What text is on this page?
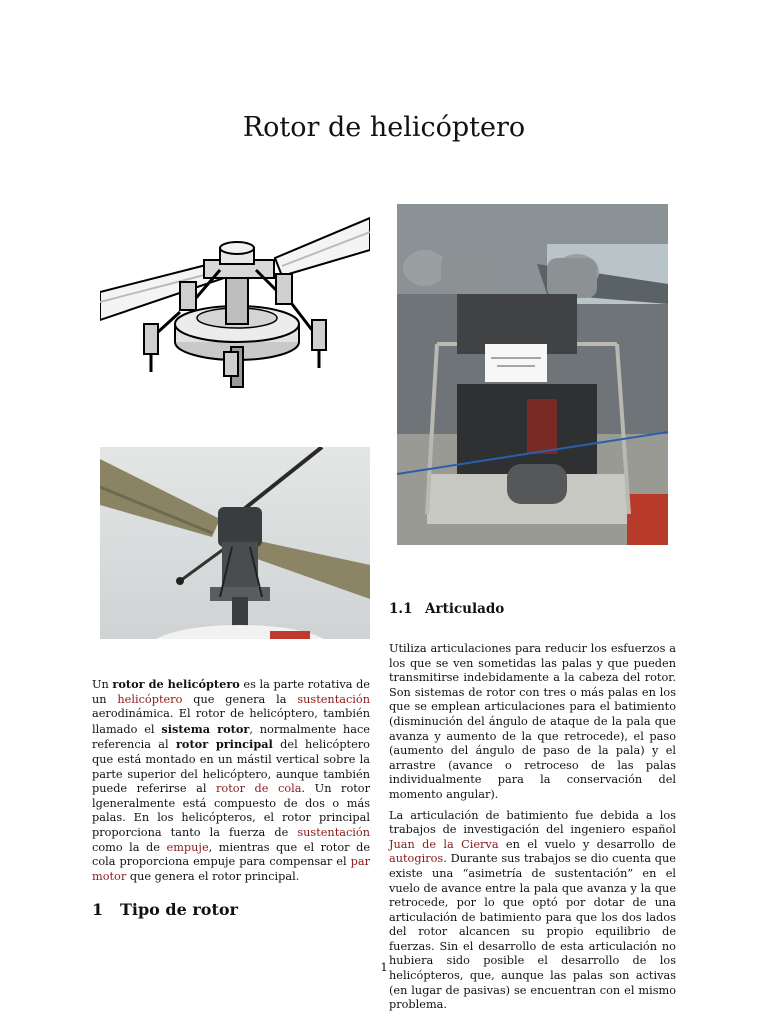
Rotor de helicóptero
1.1 Articulado

Un rotor de helicóptero es la parte rotativa de un helicóptero que genera la sustentación aerodinámica. El rotor de helicóptero, también llamado el sistema rotor, normalmente hace referencia al rotor principal del helicóptero que está montado en un mástil vertical sobre la parte superior del helicóptero, aunque también puede referirse al rotor de cola. Un rotor lgeneralmente está compuesto de dos o más palas. En los helicópteros, el rotor principal proporciona tanto la fuerza de sustentación como la de empuje, mientras que el rotor de cola proporciona empuje para compensar el par motor que genera el rotor principal.

Utiliza articulaciones para reducir los esfuerzos a los que se ven sometidas las palas y que pueden transmitirse indebidamente a la cabeza del rotor. Son sistemas de rotor con tres o más palas en los que se emplean articulaciones para el batimiento (disminución del ángulo de ataque de la pala que avanza y aumento de la que retrocede), el paso (aumento del ángulo de paso de la pala) y el arrastre (avance o retroceso de las palas individualmente para la conservación del momento angular).

La articulación de batimiento fue debida a los trabajos de investigación del ingeniero español Juan de la Cierva en el vuelo y desarrollo de autogiros. Durante sus trabajos se dio cuenta que existe una “asimetría de sustentación” en el vuelo de avance entre la pala que avanza y la que retrocede, por lo que optó por dotar de una articulación de batimiento para que los dos lados del rotor alcancen su propio equilibrio de fuerzas. Sin el desarrollo de esta articulación no hubiera sido posible el desarrollo de los helicópteros, que, aunque las palas son activas (en lugar de pasivas) se encuentran con el mismo problema.

1 Tipo de rotor
1
